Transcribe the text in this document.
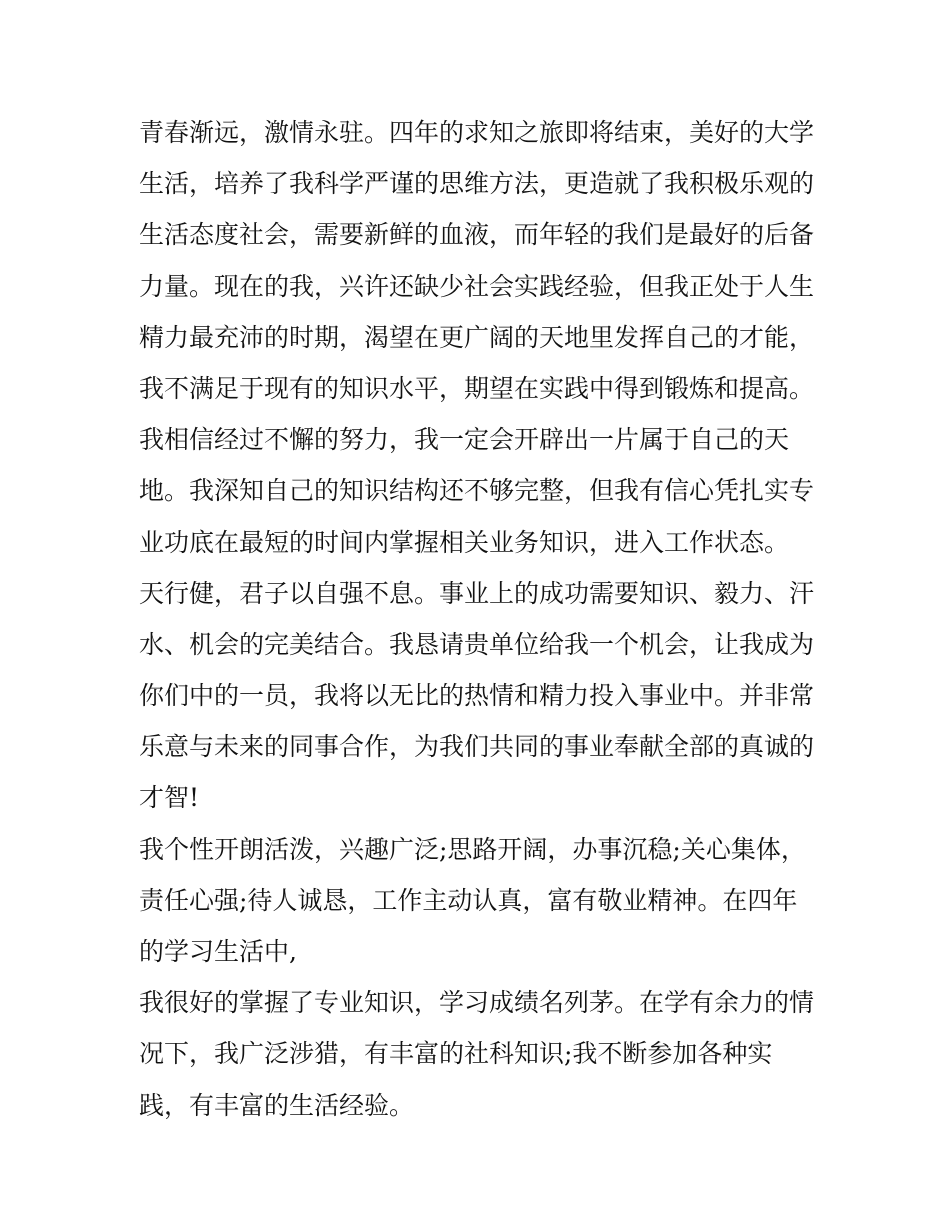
青春渐远，激情永驻。四年的求知之旅即将结束，美好的大学
生活，培养了我科学严谨的思维方法，更造就了我积极乐观的
生活态度社会，需要新鲜的血液，而年轻的我们是最好的后备
力量。现在的我，兴许还缺少社会实践经验，但我正处于人生
精力最充沛的时期，渴望在更广阔的天地里发挥自己的才能，
我不满足于现有的知识水平，期望在实践中得到锻炼和提高。
我相信经过不懈的努力，我一定会开辟出一片属于自己的天
地。我深知自己的知识结构还不够完整，但我有信心凭扎实专
业功底在最短的时间内掌握相关业务知识，进入工作状态。
天行健，君子以自强不息。事业上的成功需要知识、毅力、汗
水、机会的完美结合。我恳请贵单位给我一个机会，让我成为
你们中的一员，我将以无比的热情和精力投入事业中。并非常
乐意与未来的同事合作，为我们共同的事业奉献全部的真诚的
才智!
我个性开朗活泼，兴趣广泛;思路开阔，办事沉稳;关心集体，
责任心强;待人诚恳，工作主动认真，富有敬业精神。在四年
的学习生活中,
我很好的掌握了专业知识，学习成绩名列茅。在学有余力的情
况下，我广泛涉猎，有丰富的社科知识;我不断参加各种实
践，有丰富的生活经验。
